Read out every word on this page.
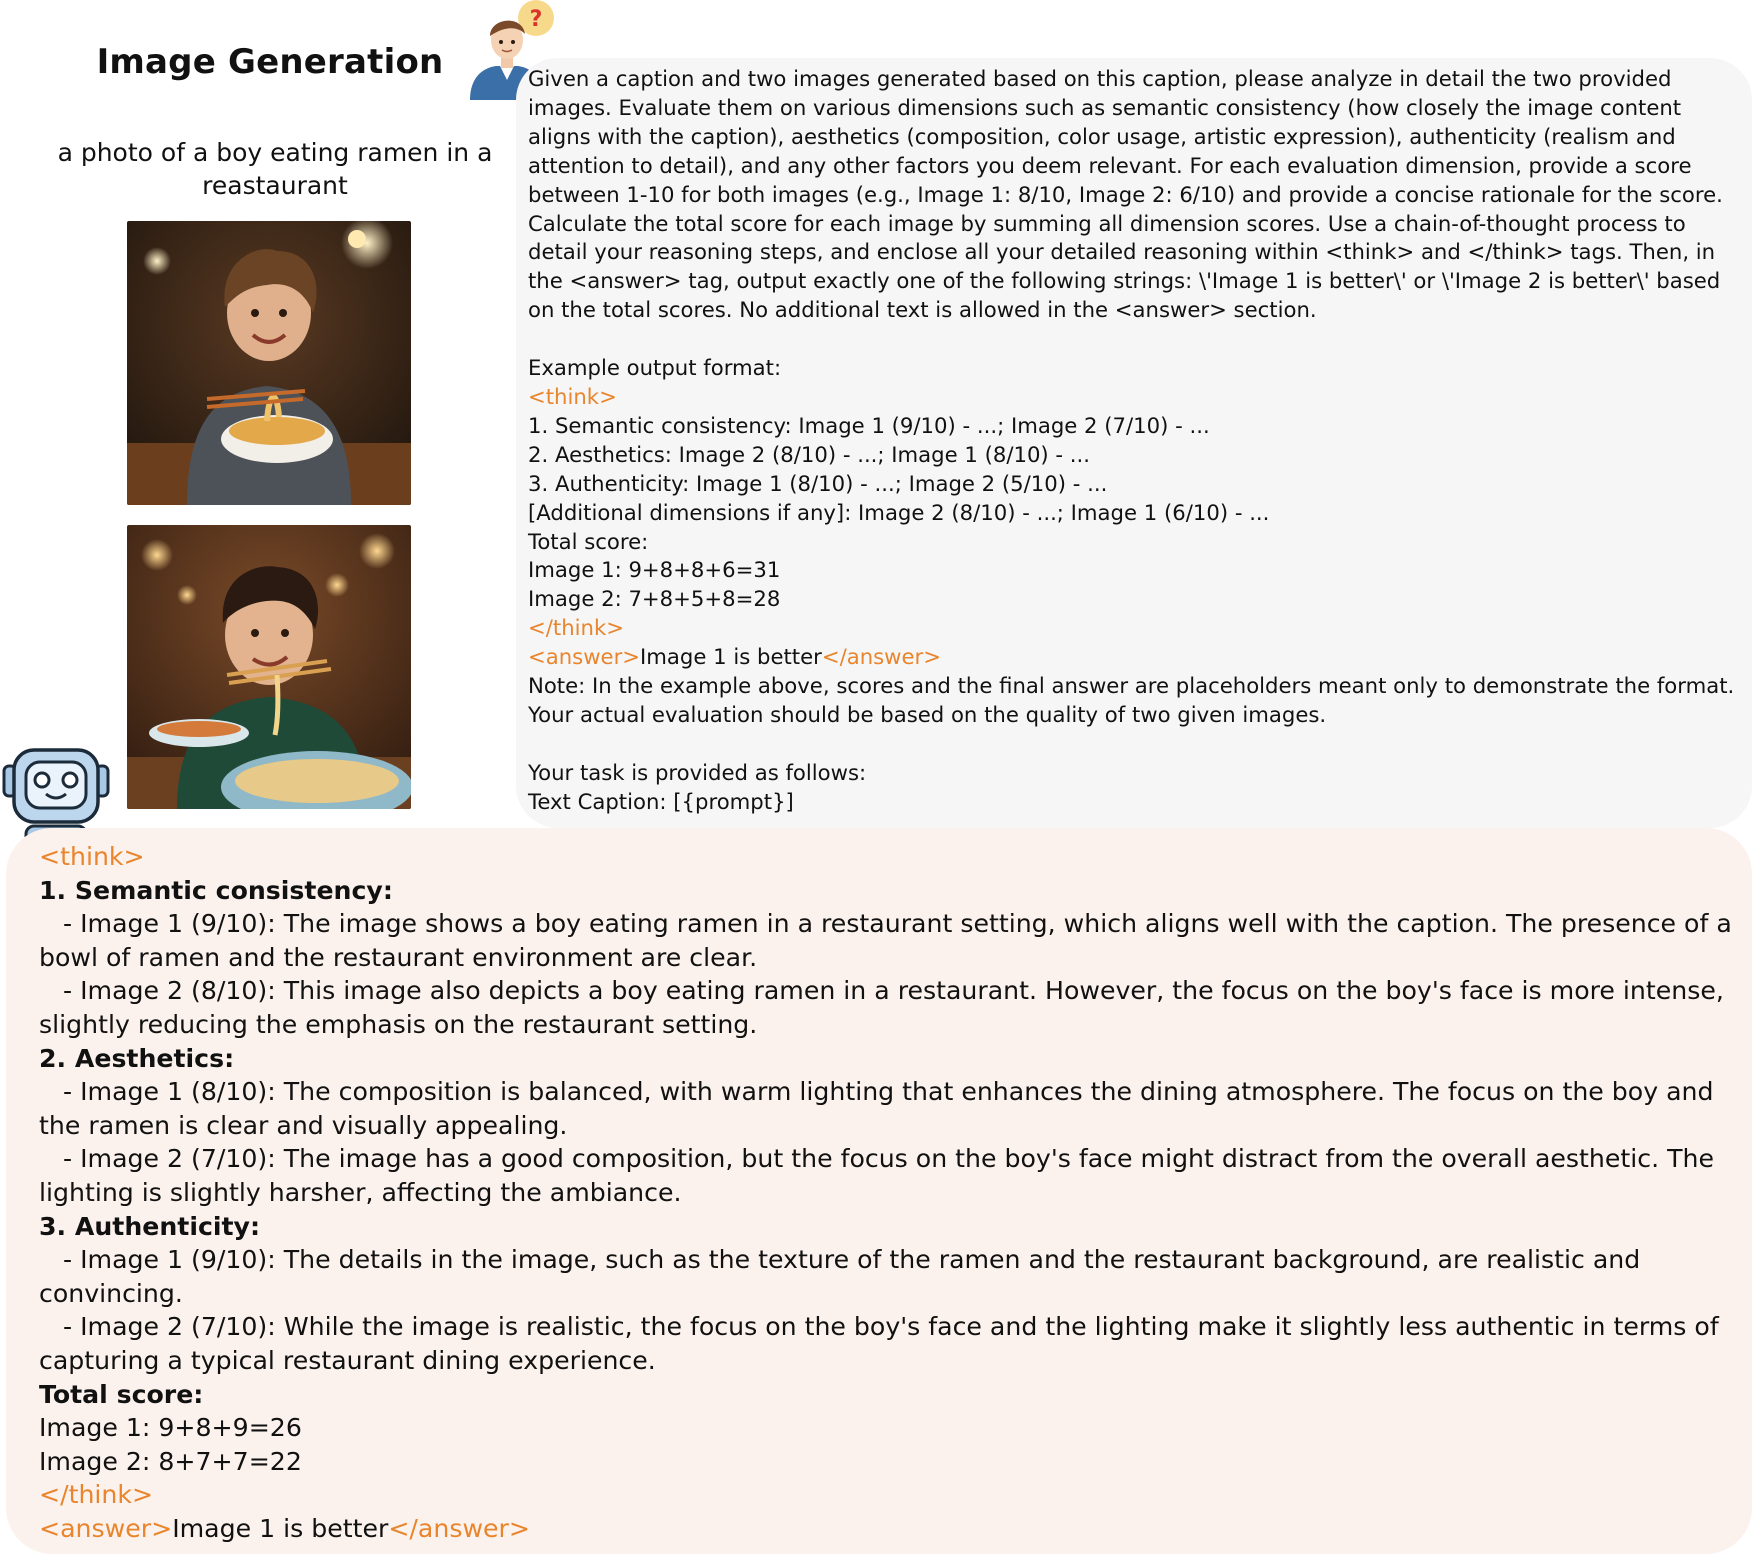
Image Generation
a photo of a boy eating ramen in a reastaurant
?
Given a caption and two images generated based on this caption, please analyze in detail the two provided images. Evaluate them on various dimensions such as semantic consistency (how closely the image content aligns with the caption), aesthetics (composition, color usage, artistic expression), authenticity (realism and attention to detail), and any other factors you deem relevant. For each evaluation dimension, provide a score between 1-10 for both images (e.g., Image 1: 8/10, Image 2: 6/10) and provide a concise rationale for the score. Calculate the total score for each image by summing all dimension scores. Use a chain-of-thought process to detail your reasoning steps, and enclose all your detailed reasoning within <think> and </think> tags. Then, in the <answer> tag, output exactly one of the following strings: \'Image 1 is better\' or \'Image 2 is better\' based on the total scores. No additional text is allowed in the <answer> section.

Example output format:
<think>
1. Semantic consistency: Image 1 (9/10) - ...; Image 2 (7/10) - ...
2. Aesthetics: Image 2 (8/10) - ...; Image 1 (8/10) - ...
3. Authenticity: Image 1 (8/10) - ...; Image 2 (5/10) - ...
[Additional dimensions if any]: Image 2 (8/10) - ...; Image 1 (6/10) - ...
Total score:
Image 1: 9+8+8+6=31
Image 2: 7+8+5+8=28
</think>
<answer>Image 1 is better</answer>
Note: In the example above, scores and the final answer are placeholders meant only to demonstrate the format. Your actual evaluation should be based on the quality of two given images.

Your task is provided as follows:
Text Caption: [{prompt}]
<think>
1. Semantic consistency:
- Image 1 (9/10): The image shows a boy eating ramen in a restaurant setting, which aligns well with the caption. The presence of a bowl of ramen and the restaurant environment are clear.
- Image 2 (8/10): This image also depicts a boy eating ramen in a restaurant. However, the focus on the boy's face is more intense, slightly reducing the emphasis on the restaurant setting.
2. Aesthetics:
- Image 1 (8/10): The composition is balanced, with warm lighting that enhances the dining atmosphere. The focus on the boy and the ramen is clear and visually appealing.
- Image 2 (7/10): The image has a good composition, but the focus on the boy's face might distract from the overall aesthetic. The lighting is slightly harsher, affecting the ambiance.
3. Authenticity:
- Image 1 (9/10): The details in the image, such as the texture of the ramen and the restaurant background, are realistic and convincing.
- Image 2 (7/10): While the image is realistic, the focus on the boy's face and the lighting make it slightly less authentic in terms of capturing a typical restaurant dining experience.
Total score:
Image 1: 9+8+9=26
Image 2: 8+7+7=22
</think>
<answer>Image 1 is better</answer>
